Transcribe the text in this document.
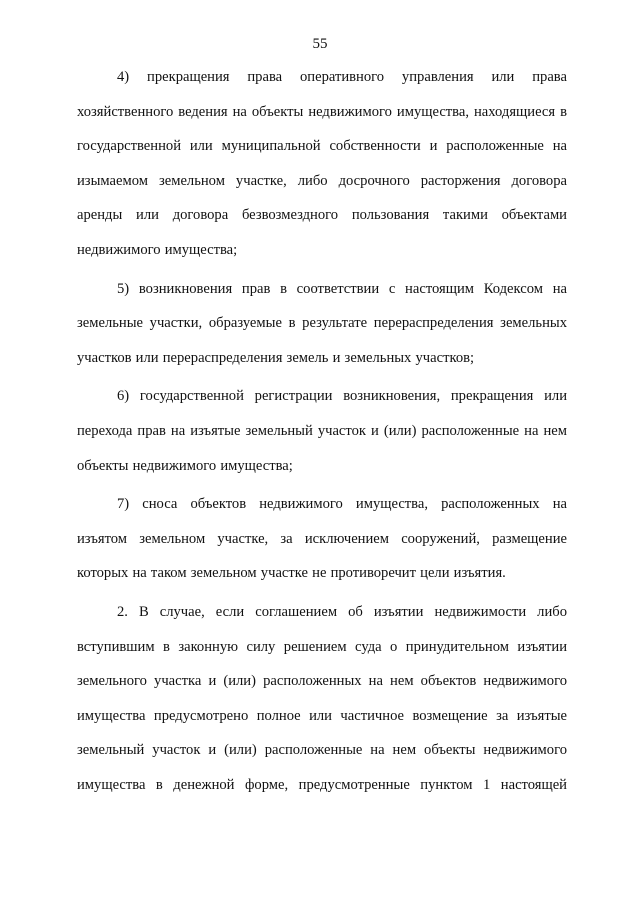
55

4) прекращения права оперативного управления или права хозяйственного ведения на объекты недвижимого имущества, находящиеся в государственной или муниципальной собственности и расположенные на изымаемом земельном участке, либо досрочного расторжения договора аренды или договора безвозмездного пользования такими объектами недвижимого имущества;

5) возникновения прав в соответствии с настоящим Кодексом на земельные участки, образуемые в результате перераспределения земельных участков или перераспределения земель и земельных участков;

6) государственной регистрации возникновения, прекращения или перехода прав на изъятые земельный участок и (или) расположенные на нем объекты недвижимого имущества;

7) сноса объектов недвижимого имущества, расположенных на изъятом земельном участке, за исключением сооружений, размещение которых на таком земельном участке не противоречит цели изъятия.

2. В случае, если соглашением об изъятии недвижимости либо вступившим в законную силу решением суда о принудительном изъятии земельного участка и (или) расположенных на нем объектов недвижимого имущества предусмотрено полное или частичное возмещение за изъятые земельный участок и (или) расположенные на нем объекты недвижимого имущества в денежной форме, предусмотренные пунктом 1 настоящей
